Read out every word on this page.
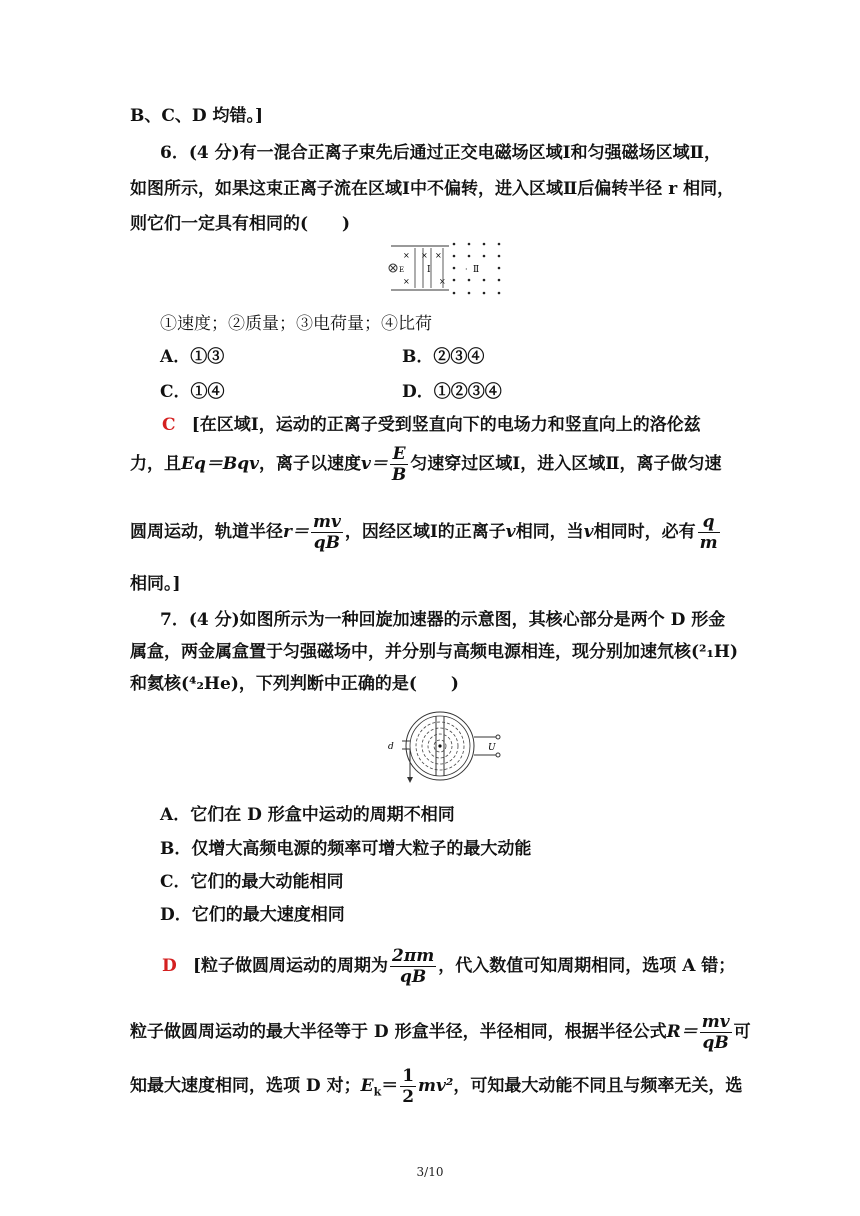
B、C、D 均错。]
6．(4 分)有一混合正离子束先后通过正交电磁场区域Ⅰ和匀强磁场区域Ⅱ，
如图所示，如果这束正离子流在区域Ⅰ中不偏转，进入区域Ⅱ后偏转半径 r 相同，
则它们一定具有相同的(　　)
E
×
×
× ×
×
Ⅰ	· Ⅱ
①速度；②质量；③电荷量；④比荷
A．①③	B．②③④
C．①④	D．①②③④
C [在区域Ⅰ，运动的正离子受到竖直向下的电场力和竖直向上的洛伦兹
力，且Eq＝Bqv，离子以速度$v= \frac{E}{B}$ 匀速穿过区域Ⅰ，进入区域Ⅱ，离子做匀速
圆周运动，轨道半径$r= \frac{mv}{qB}$ ，因经区域Ⅰ的正离子v相同，当v相同时，必有 $\frac{q}{m}$
相同。]
7．(4 分)如图所示为一种回旋加速器的示意图，其核心部分是两个 D 形金
属盒，两金属盒置于匀强磁场中，并分别与高频电源相连，现分别加速氘核(²₁H)
和氦核(⁴₂He)，下列判断中正确的是(　　)
d	U
A．它们在 D 形盒中运动的周期不相同
B．仅增大高频电源的频率可增大粒子的最大动能
C．它们的最大动能相同
D．它们的最大速度相同
D [粒子做圆周运动的周期为 $\frac{2\pi m}{qB}$ ，代入数值可知周期相同，选项 A 错；
粒子做圆周运动的最大半径等于 D 形盒半径，半径相同，根据半径公式$R= \frac{mv}{qB}$ 可
知最大速度相同，选项 D 对；$E_k= \frac{1}{2} mv^2$，可知最大动能不同且与频率无关，选
3/10
